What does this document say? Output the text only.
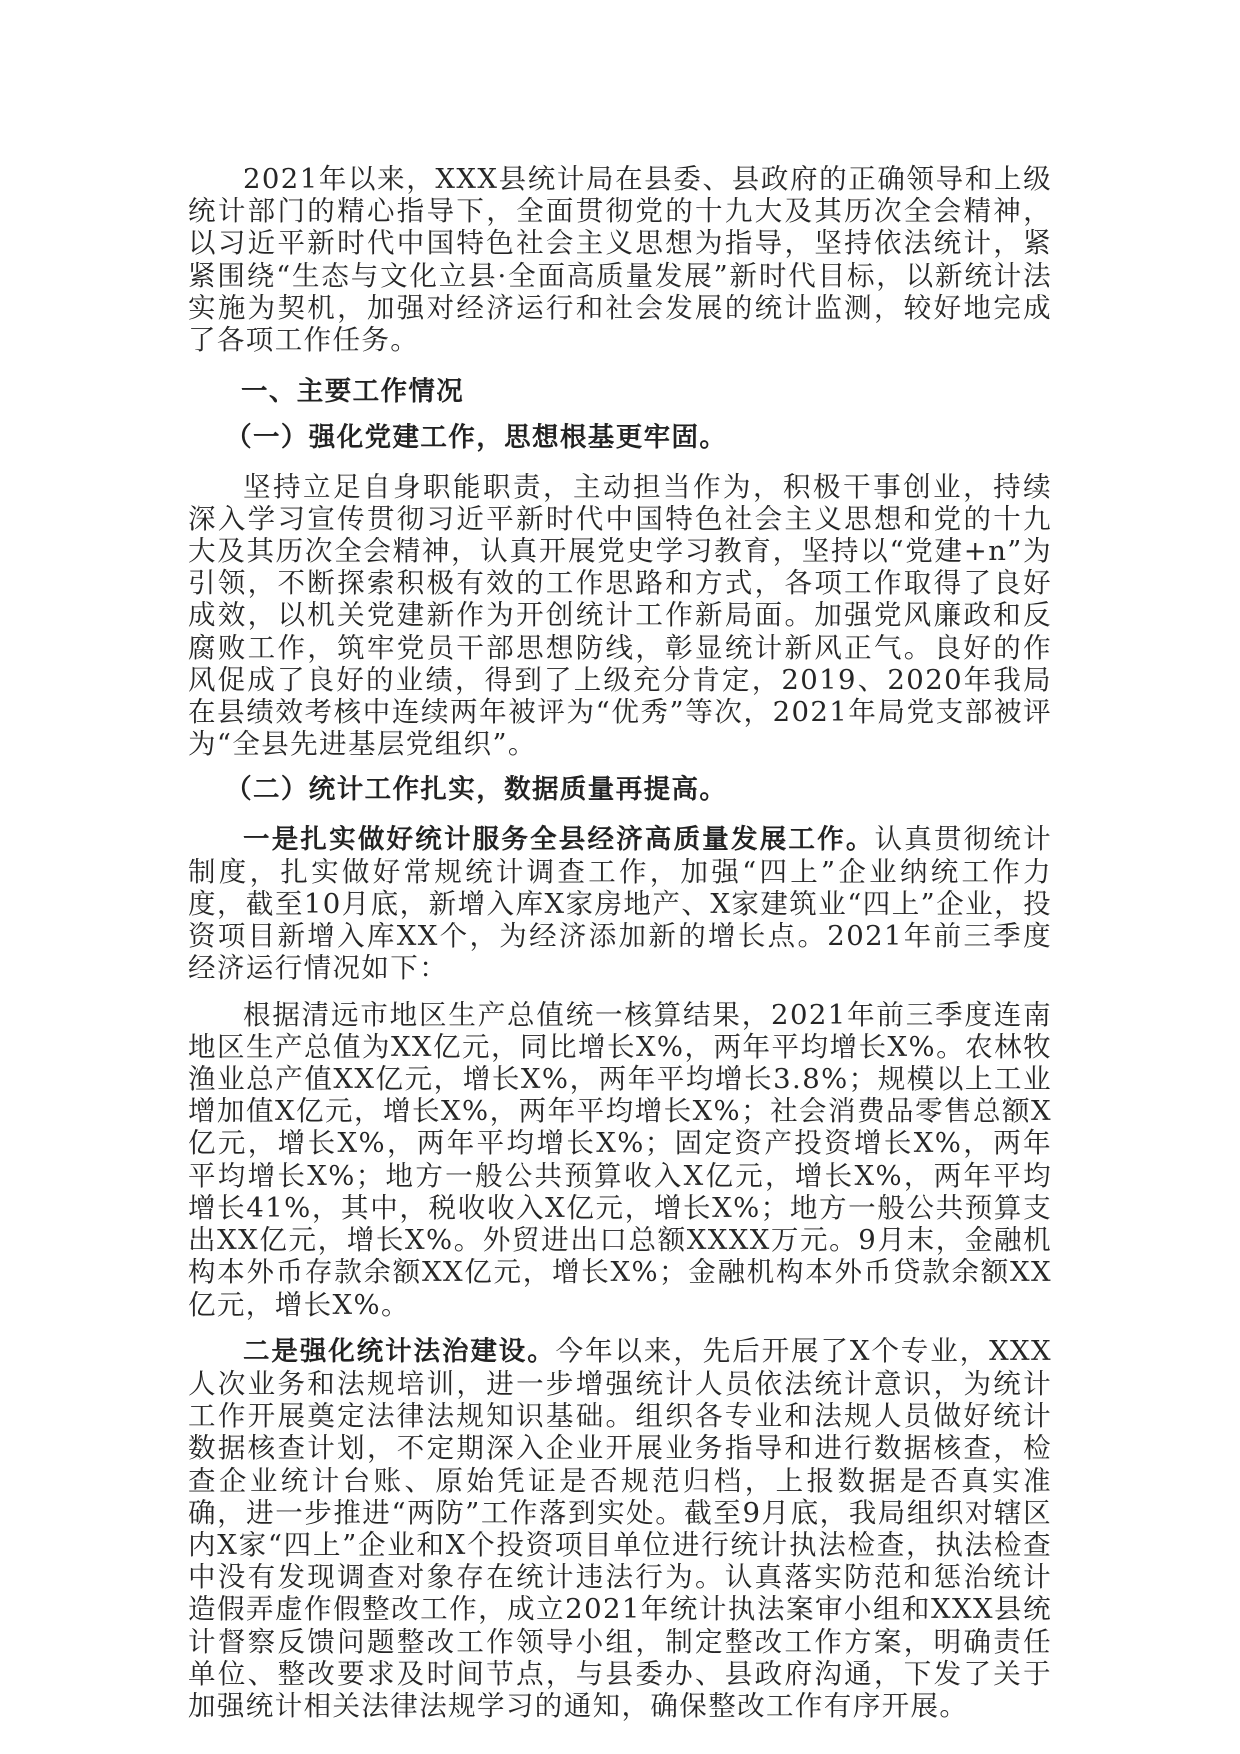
2021年以来，XXX县统计局在县委、县政府的正确领导和上级统计部门的精心指导下，全面贯彻党的十九大及其历次全会精神，以习近平新时代中国特色社会主义思想为指导，坚持依法统计，紧紧围绕“生态与文化立县·全面高质量发展”新时代目标，以新统计法实施为契机，加强对经济运行和社会发展的统计监测，较好地完成了各项工作任务。

一、主要工作情况
（一）强化党建工作，思想根基更牢固。

坚持立足自身职能职责，主动担当作为，积极干事创业，持续深入学习宣传贯彻习近平新时代中国特色社会主义思想和党的十九大及其历次全会精神，认真开展党史学习教育，坚持以“党建+n”为引领，不断探索积极有效的工作思路和方式，各项工作取得了良好成效，以机关党建新作为开创统计工作新局面。加强党风廉政和反腐败工作，筑牢党员干部思想防线，彰显统计新风正气。良好的作风促成了良好的业绩，得到了上级充分肯定，2019、2020年我局在县绩效考核中连续两年被评为“优秀”等次，2021年局党支部被评为“全县先进基层党组织”。

（二）统计工作扎实，数据质量再提高。

一是扎实做好统计服务全县经济高质量发展工作。认真贯彻统计制度，扎实做好常规统计调查工作，加强“四上”企业纳统工作力度，截至10月底，新增入库X家房地产、X家建筑业“四上”企业，投资项目新增入库XX个，为经济添加新的增长点。2021年前三季度经济运行情况如下：

根据清远市地区生产总值统一核算结果，2021年前三季度连南地区生产总值为XX亿元，同比增长X%，两年平均增长X%。农林牧渔业总产值XX亿元，增长X%，两年平均增长3.8%；规模以上工业增加值X亿元，增长X%，两年平均增长X%；社会消费品零售总额X亿元，增长X%，两年平均增长X%；固定资产投资增长X%，两年平均增长X%；地方一般公共预算收入X亿元，增长X%，两年平均增长41%，其中，税收收入X亿元，增长X%；地方一般公共预算支出XX亿元，增长X%。外贸进出口总额XXXX万元。9月末，金融机构本外币存款余额XX亿元，增长X%；金融机构本外币贷款余额XX亿元，增长X%。

二是强化统计法治建设。今年以来，先后开展了X个专业，XXX人次业务和法规培训，进一步增强统计人员依法统计意识，为统计工作开展奠定法律法规知识基础。组织各专业和法规人员做好统计数据核查计划，不定期深入企业开展业务指导和进行数据核查，检查企业统计台账、原始凭证是否规范归档，上报数据是否真实准确，进一步推进“两防”工作落到实处。截至9月底，我局组织对辖区内X家“四上”企业和X个投资项目单位进行统计执法检查，执法检查中没有发现调查对象存在统计违法行为。认真落实防范和惩治统计造假弄虚作假整改工作，成立2021年统计执法案审小组和XXX县统计督察反馈问题整改工作领导小组，制定整改工作方案，明确责任单位、整改要求及时间节点，与县委办、县政府沟通，下发了关于加强统计相关法律法规学习的通知，确保整改工作有序开展。
